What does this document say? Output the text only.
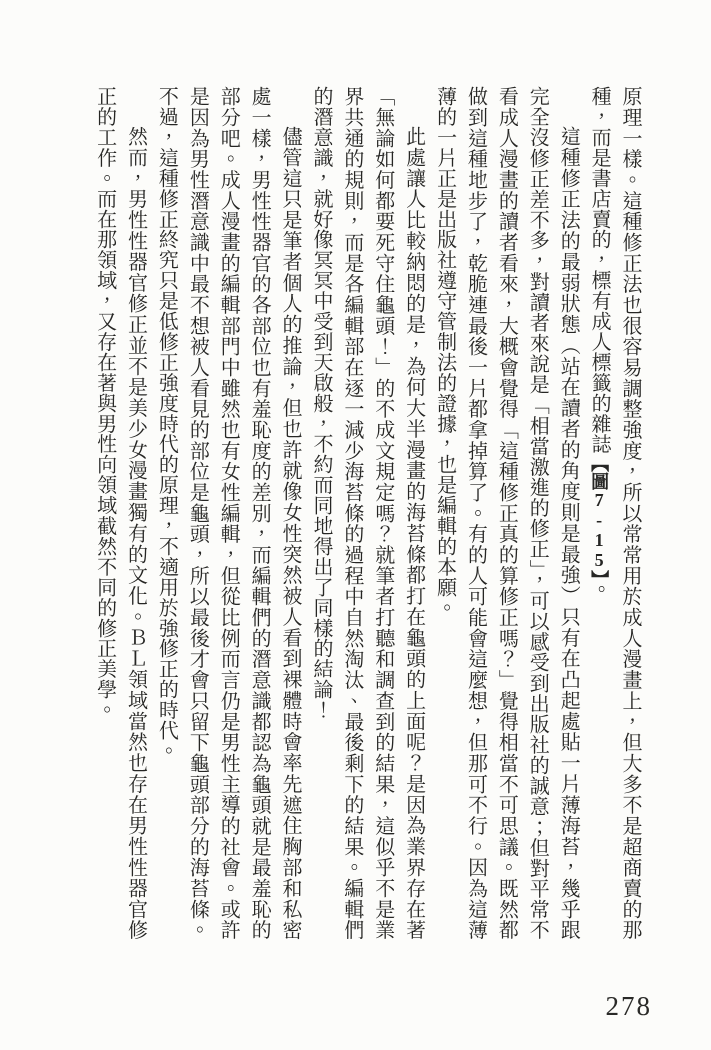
原理一樣。這種修正法也很容易調整強度，所以常常用於成人漫畫上，但大多不是超商賣的那種，而是書店賣的，標有成人標籤的雜誌【圖7-15】。

這種修正法的最弱狀態（站在讀者的角度則是最強）只有在凸起處貼一片薄海苔，幾乎跟完全沒修正差不多，對讀者來說是「相當激進的修正」，可以感受到出版社的誠意；但對平常不看成人漫畫的讀者看來，大概會覺得「這種修正真的算修正嗎？」覺得相當不可思議。既然都做到這種地步了，乾脆連最後一片都拿掉算了。有的人可能會這麼想，但那可不行。因為這薄薄的一片正是出版社遵守管制法的證據，也是編輯的本願。

此處讓人比較納悶的是，為何大半漫畫的海苔條都打在龜頭的上面呢？是因為業界存在著「無論如何都要死守住龜頭！」的不成文規定嗎？就筆者打聽和調查到的結果，這似乎不是業界共通的規則，而是各編輯部在逐一減少海苔條的過程中自然淘汰、最後剩下的結果。編輯們的潛意識，就好像冥冥中受到天啟般，不約而同地得出了同樣的結論！

儘管這只是筆者個人的推論，但也許就像女性突然被人看到裸體時會率先遮住胸部和私密處一樣，男性性器官的各部位也有羞恥度的差別，而編輯們的潛意識都認為龜頭就是最羞恥的部分吧。成人漫畫的編輯部門中雖然也有女性編輯，但從比例而言仍是男性主導的社會。或許是因為男性潛意識中最不想被人看見的部位是龜頭，所以最後才會只留下龜頭部分的海苔條。不過，這種修正終究只是低修正強度時代的原理，不適用於強修正的時代。

然而，男性性器官修正並不是美少女漫畫獨有的文化。ＢＬ領域當然也存在男性性器官修正的工作。而在那領域，又存在著與男性向領域截然不同的修正美學。

278
